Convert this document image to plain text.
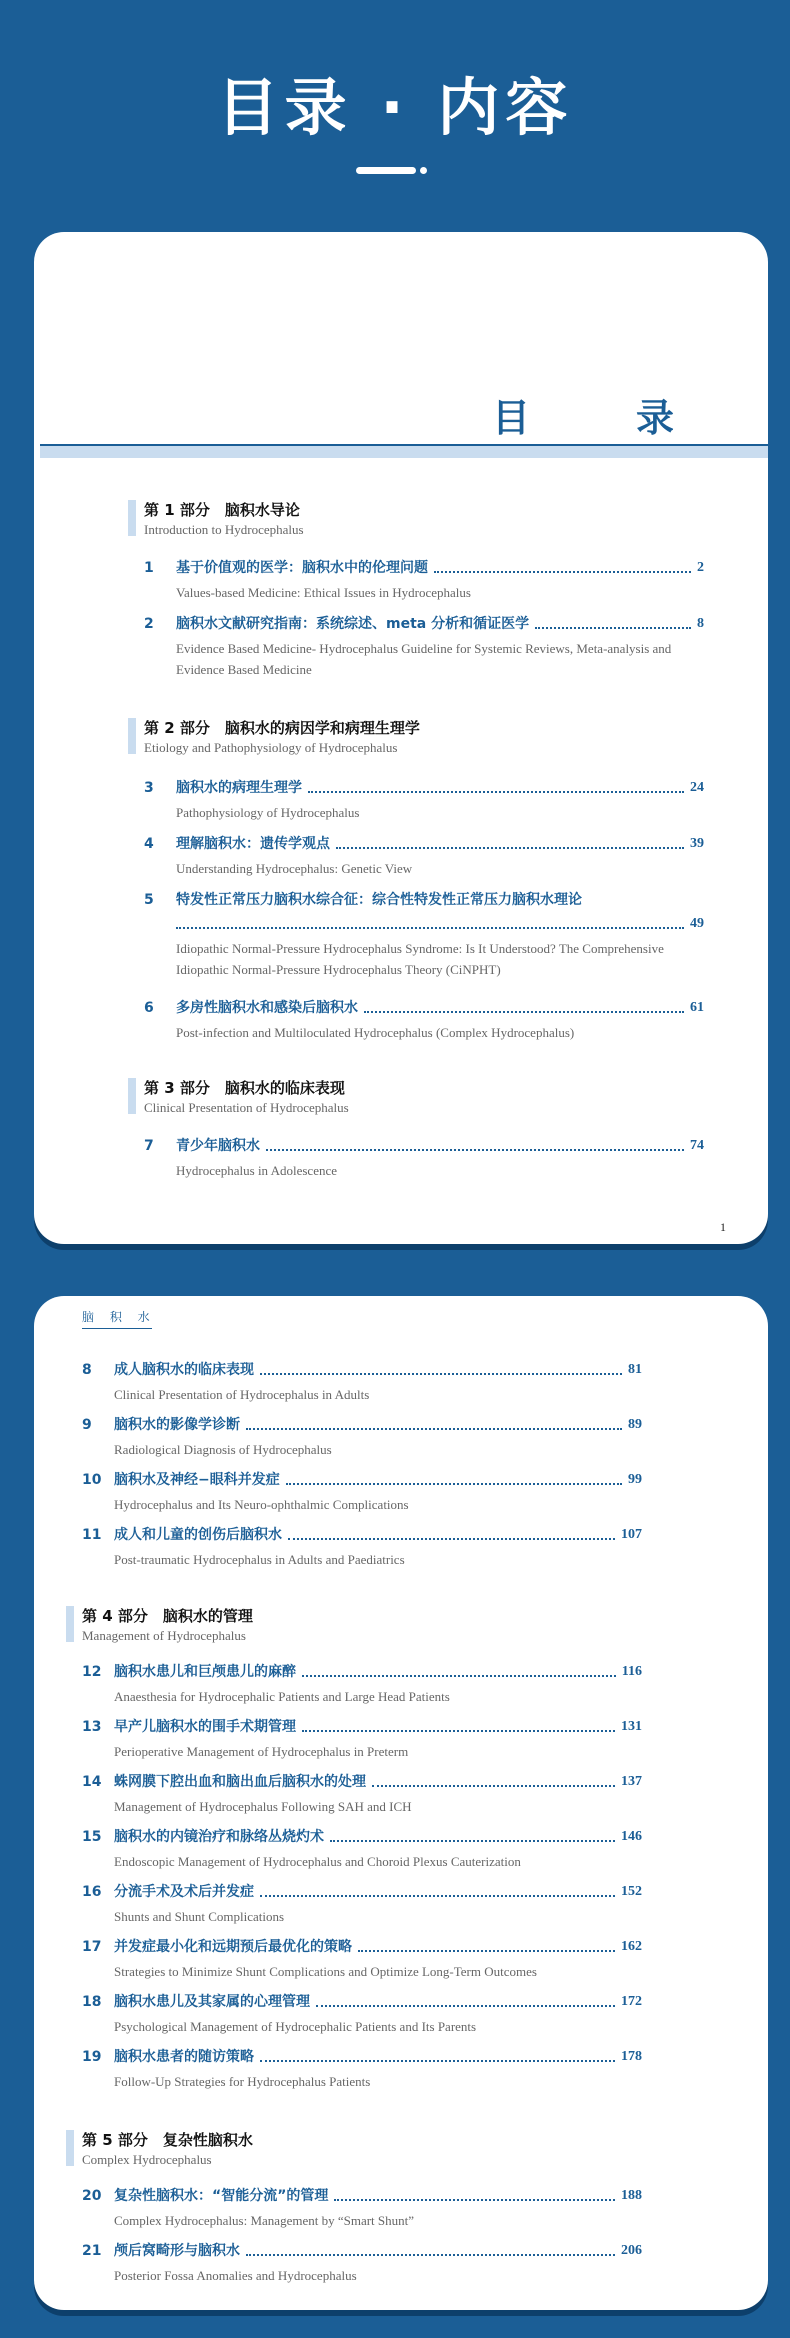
目录 · 内容
目　录
第 1 部分　脑积水导论
Introduction to Hydrocephalus
1	基于价值观的医学：脑积水中的伦理问题	2
Values-based Medicine: Ethical Issues in Hydrocephalus
2	脑积水文献研究指南：系统综述、meta 分析和循证医学	8
Evidence Based Medicine- Hydrocephalus Guideline for Systemic Reviews, Meta-analysis and Evidence Based Medicine
第 2 部分　脑积水的病因学和病理生理学
Etiology and Pathophysiology of Hydrocephalus
3	脑积水的病理生理学	24
Pathophysiology of Hydrocephalus
4	理解脑积水：遗传学观点	39
Understanding Hydrocephalus: Genetic View
5	特发性正常压力脑积水综合征：综合性特发性正常压力脑积水理论
49
Idiopathic Normal-Pressure Hydrocephalus Syndrome: Is It Understood? The Comprehensive Idiopathic Normal-Pressure Hydrocephalus Theory (CiNPHT)
6	多房性脑积水和感染后脑积水	61
Post-infection and Multiloculated Hydrocephalus (Complex Hydrocephalus)
第 3 部分　脑积水的临床表现
Clinical Presentation of Hydrocephalus
7	青少年脑积水	74
Hydrocephalus in Adolescence
1
脑 积 水
8	成人脑积水的临床表现	81
Clinical Presentation of Hydrocephalus in Adults
9	脑积水的影像学诊断	89
Radiological Diagnosis of Hydrocephalus
10 脑积水及神经−眼科并发症	99
Hydrocephalus and Its Neuro-ophthalmic Complications
11 成人和儿童的创伤后脑积水	107
Post-traumatic Hydrocephalus in Adults and Paediatrics
第 4 部分　脑积水的管理
Management of Hydrocephalus
12 脑积水患儿和巨颅患儿的麻醉	116
Anaesthesia for Hydrocephalic Patients and Large Head Patients
13 早产儿脑积水的围手术期管理	131
Perioperative Management of Hydrocephalus in Preterm
14 蛛网膜下腔出血和脑出血后脑积水的处理	137
Management of Hydrocephalus Following SAH and ICH
15 脑积水的内镜治疗和脉络丛烧灼术	146
Endoscopic Management of Hydrocephalus and Choroid Plexus Cauterization
16 分流手术及术后并发症	152
Shunts and Shunt Complications
17 并发症最小化和远期预后最优化的策略	162
Strategies to Minimize Shunt Complications and Optimize Long-Term Outcomes
18 脑积水患儿及其家属的心理管理	172
Psychological Management of Hydrocephalic Patients and Its Parents
19 脑积水患者的随访策略	178
Follow-Up Strategies for Hydrocephalus Patients
第 5 部分　复杂性脑积水
Complex Hydrocephalus
20 复杂性脑积水：“智能分流”的管理	188
Complex Hydrocephalus: Management by “Smart Shunt”
21 颅后窝畸形与脑积水	206
Posterior Fossa Anomalies and Hydrocephalus
